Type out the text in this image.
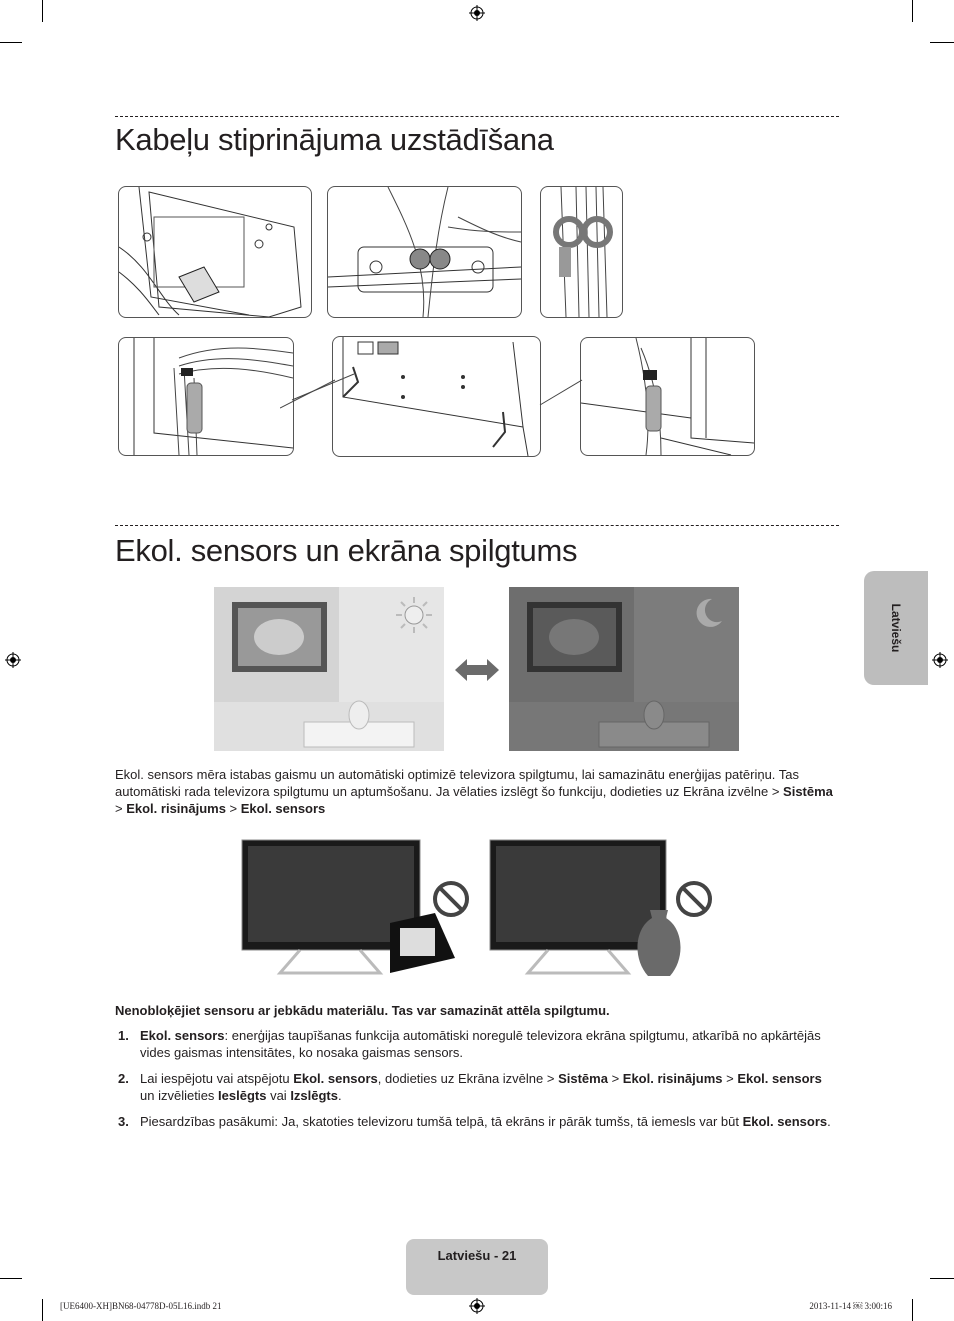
Kabeļu stiprinājuma uzstādīšana
Ekol. sensors un ekrāna spilgtums
Ekol. sensors mēra istabas gaismu un automātiski optimizē televizora spilgtumu, lai samazinātu enerģijas patēriņu. Tas automātiski rada televizora spilgtumu un aptumšošanu. Ja vēlaties izslēgt šo funkciju, dodieties uz Ekrāna izvēlne > Sistēma > Ekol. risinājums > Ekol. sensors
Nenobloķējiet sensoru ar jebkādu materiālu. Tas var samazināt attēla spilgtumu.
1. Ekol. sensors: enerģijas taupīšanas funkcija automātiski noregulē televizora ekrāna spilgtumu, atkarībā no apkārtējās vides gaismas intensitātes, ko nosaka gaismas sensors.
2. Lai iespējotu vai atspējotu Ekol. sensors, dodieties uz Ekrāna izvēlne > Sistēma > Ekol. risinājums > Ekol. sensors un izvēlieties Ieslēgts vai Izslēgts.
3. Piesardzības pasākumi: Ja, skatoties televizoru tumšā telpā, tā ekrāns ir pārāk tumšs, tā iemesls var būt Ekol. sensors.
Latviešu
Latviešu - 21
[UE6400-XH]BN68-04778D-05L16.indb 21	2013-11-14 ￼ 3:00:16
